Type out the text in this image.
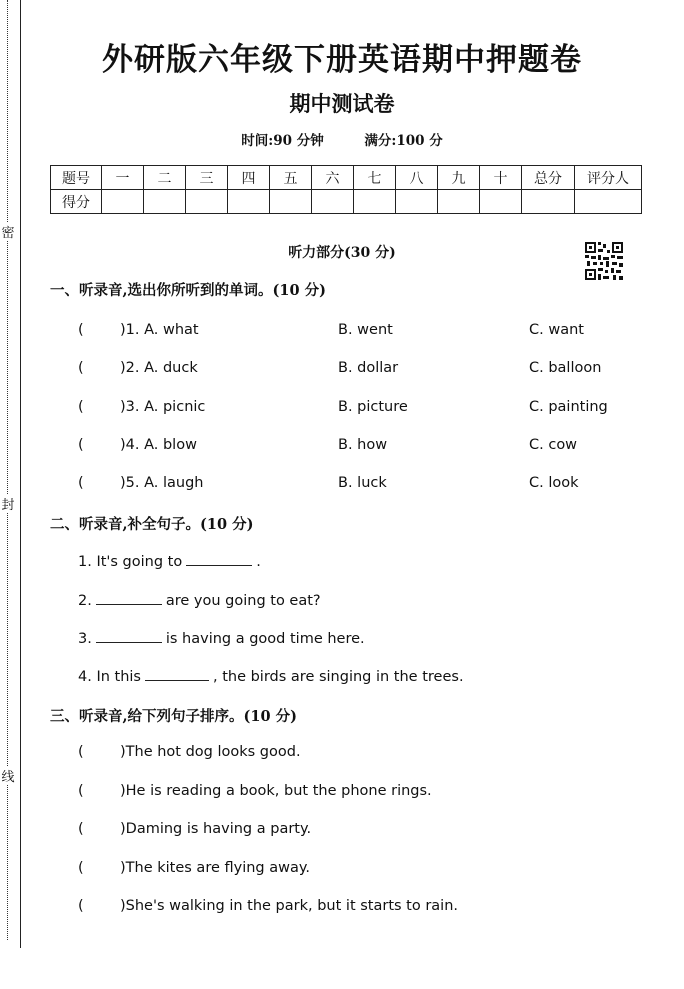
密
封
线
外研版六年级下册英语期中押题卷
期中测试卷
时间:90 分钟	满分:100 分
题号	一	二	三	四	五	六	七	八	九	十	总分	评分人
得分												
听力部分(30 分)
一、听录音,选出你所听到的单词。(10 分)
(	)1. A. what	B. went	C. want
(	)2. A. duck	B. dollar	C. balloon
(	)3. A. picnic	B. picture	C. painting
(	)4. A. blow	B. how	C. cow
(	)5. A. laugh	B. luck	C. look
二、听录音,补全句子。(10 分)
1. It's going to	.
2.	are you going to eat?
3.	is having a good time here.
4. In this	, the birds are singing in the trees.
三、听录音,给下列句子排序。(10 分)
(	)The hot dog looks good.
(	)He is reading a book, but the phone rings.
(	)Daming is having a party.
(	)The kites are flying away.
(	)She's walking in the park, but it starts to rain.
